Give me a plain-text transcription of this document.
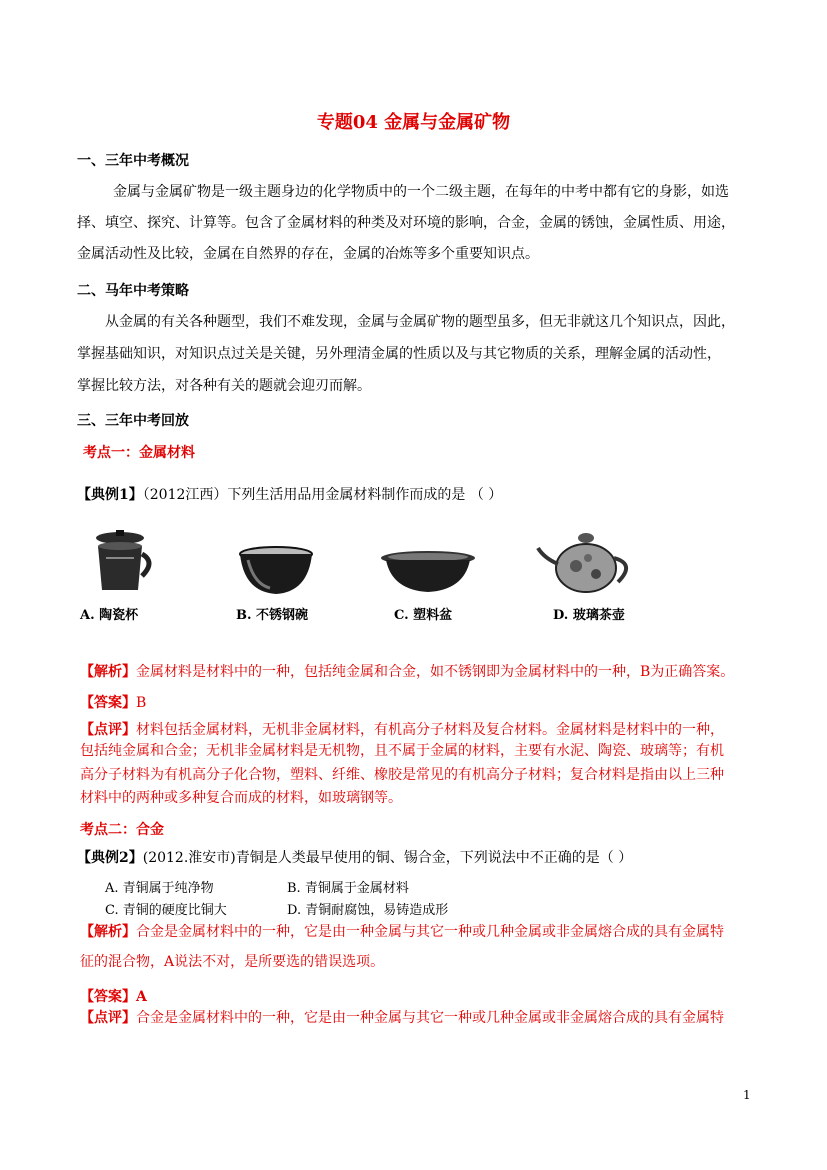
专题04 金属与金属矿物
一、三年中考概况
金属与金属矿物是一级主题身边的化学物质中的一个二级主题，在每年的中考中都有它的身影，如选
择、填空、探究、计算等。包含了金属材料的种类及对环境的影响，合金，金属的锈蚀，金属性质、用途，
金属活动性及比较，金属在自然界的存在，金属的冶炼等多个重要知识点。
二、马年中考策略
从金属的有关各种题型，我们不难发现，金属与金属矿物的题型虽多，但无非就这几个知识点，因此，
掌握基础知识，对知识点过关是关键，另外理清金属的性质以及与其它物质的关系，理解金属的活动性，
掌握比较方法，对各种有关的题就会迎刃而解。
三、三年中考回放
考点一：金属材料
【典例1】（2012江西）下列生活用品用金属材料制作而成的是 （ ）
A. 陶瓷杯	B. 不锈钢碗	C. 塑料盆	D. 玻璃茶壶
【解析】金属材料是材料中的一种，包括纯金属和合金，如不锈钢即为金属材料中的一种，B为正确答案。
【答案】B
【点评】材料包括金属材料，无机非金属材料，有机高分子材料及复合材料。金属材料是材料中的一种，
包括纯金属和合金；无机非金属材料是无机物，且不属于金属的材料，主要有水泥、陶瓷、玻璃等；有机
高分子材料为有机高分子化合物，塑料、纤维、橡胶是常见的有机高分子材料；复合材料是指由以上三种
材料中的两种或多种复合而成的材料，如玻璃钢等。
考点二：合金
【典例2】(2012.淮安市)青铜是人类最早使用的铜、锡合金，下列说法中不正确的是（ ）
A. 青铜属于纯净物	B. 青铜属于金属材料
C. 青铜的硬度比铜大	D. 青铜耐腐蚀，易铸造成形
【解析】合金是金属材料中的一种，它是由一种金属与其它一种或几种金属或非金属熔合成的具有金属特
征的混合物，A说法不对，是所要选的错误选项。
【答案】A
【点评】合金是金属材料中的一种，它是由一种金属与其它一种或几种金属或非金属熔合成的具有金属特
1
